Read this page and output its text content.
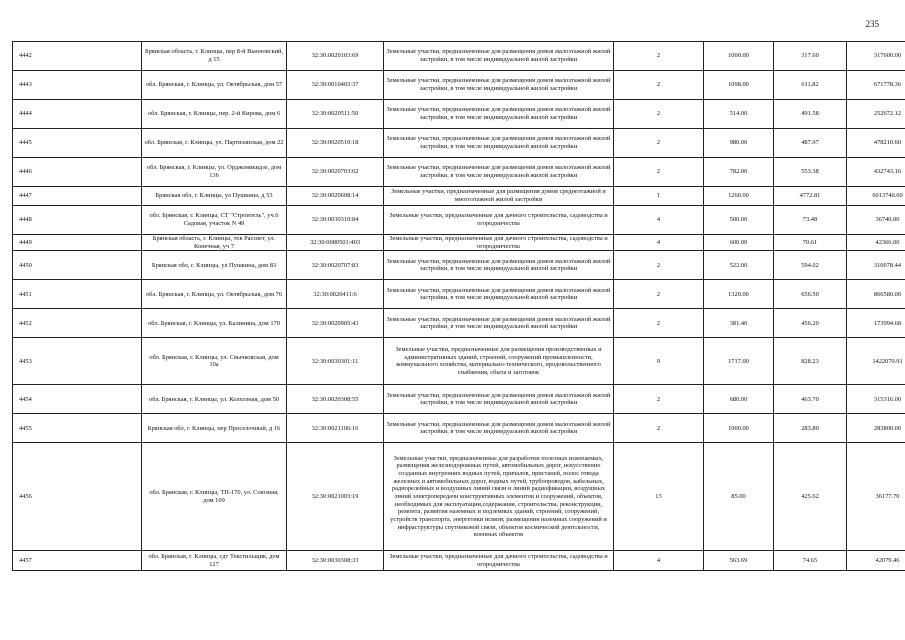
235
4442	Брянская область, г. Клинцы, пер 8-й Вьюновский, д 15	32:30:0020103:69	Земельные участки, предназначенные для размещения домов малоэтажной жилой застройки, в том числе индивидуальной жилой застройки	2	1000.00	317.60	317600.00
4443	обл. Брянская, г. Клинцы, ул. Октябрьская, дом 57	32:30:0010403:37	Земельные участки, предназначенные для размещения домов малоэтажной жилой застройки, в том числе индивидуальной жилой застройки	2	1098.00	611.82	671778.36
4444	обл. Брянская, г. Клинцы, пер. 2-й Кирова, дом 6	32:30:0020511:50	Земельные участки, предназначенные для размещения домов малоэтажной жилой застройки, в том числе индивидуальной жилой застройки	2	514.00	491.58	252672.12
4445	обл. Брянская, г. Клинцы, ул. Партизанская, дом 22	32:30:0020510:18	Земельные участки, предназначенные для размещения домов малоэтажной жилой застройки, в том числе индивидуальной жилой застройки	2	980.00	487.97	478210.60
4446	обл. Брянская, г. Клинцы, ул. Орджоникидзе, дом 136	32:30:0020703:62	Земельные участки, предназначенные для размещения домов малоэтажной жилой застройки, в том числе индивидуальной жилой застройки	2	782.00	553.38	432743.16
4447	Брянская обл, г. Клинцы, ул Пушкина, д 53	32:30:0020608:14	Земельные участки, предназначенные для размещения домов среднеэтажной и многоэтажной жилой застройки	1	1260.00	4772.81	6013740.60
4448	обл. Брянская, г. Клинцы, СТ "Строитель", уч.6 Садовая, участок N 49	32:30:0030310:84	Земельные участки, предназначенные для дачного строительства, садоводства и огородничества	4	500.00	73.48	36740.00
4449	Брянская область, г. Клинцы, тов Рассвет, ул. Конечная, уч 7	32:30:0080501:403	Земельные участки, предназначенные для дачного строительства, садоводства и огородничества	4	600.00	70.61	42366.00
4450	Брянская обл, г. Клинцы, ул Пушкина, дом 83	32:30:0020707:83	Земельные участки, предназначенные для размещения домов малоэтажной жилой застройки, в том числе индивидуальной жилой застройки	2	522.00	594.02	310078.44
4451	обл. Брянская, г. Клинцы, ул. Октябрьская, дом 76	32:30:0020411:6	Земельные участки, предназначенные для размещения домов малоэтажной жилой застройки, в том числе индивидуальной жилой застройки	2	1320.00	656.50	866580.00
4452	обл. Брянская, г. Клинцы, ул. Калинина, дом 170	32:30:0020905:43	Земельные участки, предназначенные для размещения домов малоэтажной жилой застройки, в том числе индивидуальной жилой застройки	2	381.40	456.20	173994.68
4453	обл. Брянская, г. Клинцы, ул. Свычковская, дом 10а	32:30:0030301:11	Земельные участки, предназначенные для размещения производственных и административных зданий, строений, сооружений промышленности, коммунального хозяйства, материально-технического, продовольственного снабжения, сбыта и заготовок	9	1717.00	828.23	1422070.91
4454	обл. Брянская, г. Клинцы, ул. Колхозная, дом 50	32:30:0020308:55	Земельные участки, предназначенные для размещения домов малоэтажной жилой застройки, в том числе индивидуальной жилой застройки	2	680.00	463.70	315316.00
4455	Брянская обл, г. Клинцы, пер Проселочный, д 16	32:30:0021106:16	Земельные участки, предназначенные для размещения домов малоэтажной жилой застройки, в том числе индивидуальной жилой застройки	2	1000.00	283.80	283800.00
4456	обл. Брянская, г. Клинцы, ТП-170, ул. Союзная, дом 109	32:30:0021003:19	Земельные участки, предназначенные для разработки полезных ископаемых, размещения железнодорожных путей, автомобильных дорог, искусственно созданных внутренних водных путей, причалов, пристаней, полос отвода железных и автомобильных дорог, водных путей, трубопроводов, кабельных, радиорелейных и воздушных линий связи и линий радиофикации, воздушных линий электропередачи конструктивных элементов и сооружений, объектов, необходимых для эксплуатации,содержания, строительства, реконструкции, ремонта, развития наземных и подземных зданий, строений, сооружений, устройств транспорта, энергетики исвязи; размещения наземных сооружений и инфраструктуры спутниковой связи, объектов космической деятельности, военных объектов	13	85.00	425.62	36177.70
4457	обл. Брянская, г. Клинцы, сдт Текстильщик, дом 127	32:30:0030308:33	Земельные участки, предназначенные для дачного строительства, садоводства и огородничества	4	563.69	74.65	42079.46
